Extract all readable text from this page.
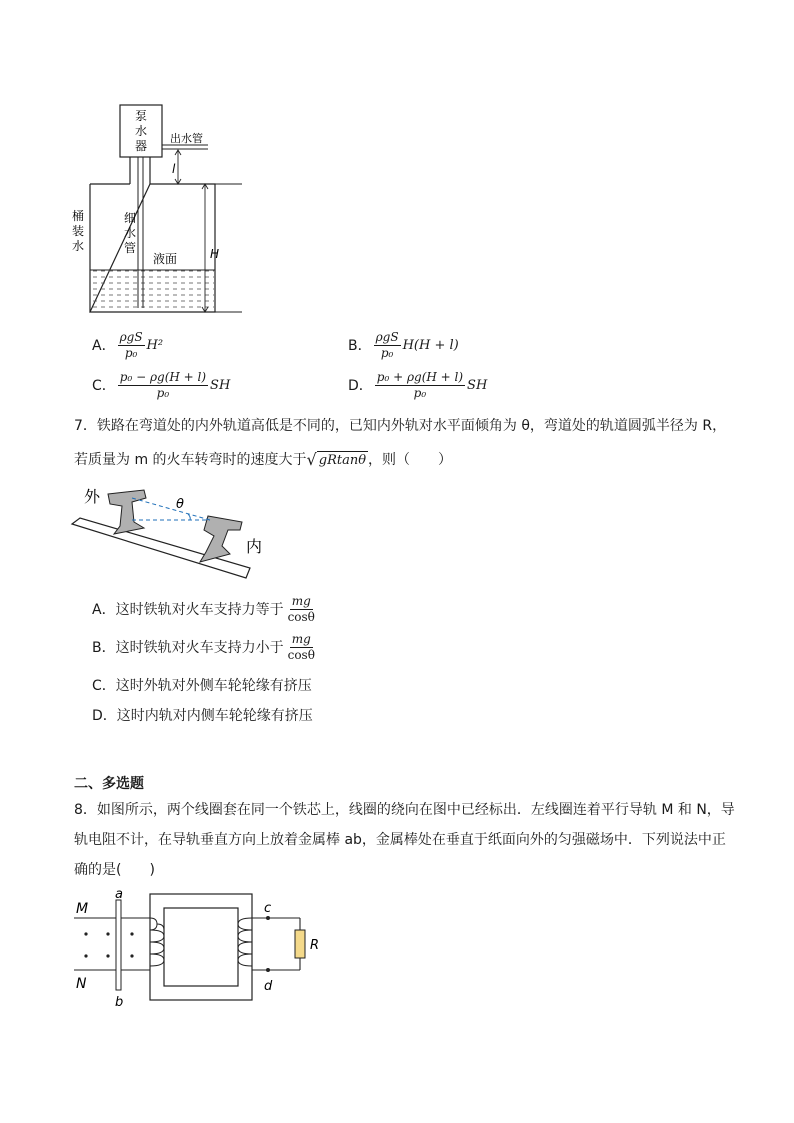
泵
水
器
出水管
桶
装
水
细
水
管
液面
l
H
A． $\frac{\text{ρgS}}{\text{p₀}} H^2$	B． $\frac{\text{ρgS}}{\text{p₀}} H(H + l)$
C． $\frac{\text{p₀ − ρg(H + l)}}{\text{p₀}}$ SH	D． $\frac{\text{p₀ + ρg(H + l)}}{\text{p₀}}$ SH
7．铁路在弯道处的内外轨道高低是不同的，已知内外轨对水平面倾角为 θ，弯道处的轨道圆弧半径为 R，
若质量为 m 的火车转弯时的速度大于 √ gRtanθ ，则（　　）
θ
外
内
A．这时铁轨对火车支持力等于 $\frac{mg}{\cos\theta}$
B．这时铁轨对火车支持力小于 $\frac{mg}{\cos\theta}$
C．这时外轨对外侧车轮轮缘有挤压
D．这时内轨对内侧车轮轮缘有挤压
二、多选题
8．如图所示，两个线圈套在同一个铁芯上，线圈的绕向在图中已经标出．左线圈连着平行导轨 M 和 N，导
轨电阻不计，在导轨垂直方向上放着金属棒 ab，金属棒处在垂直于纸面向外的匀强磁场中．下列说法中正
确的是(　　)
M
N
a
b
c
d
R
